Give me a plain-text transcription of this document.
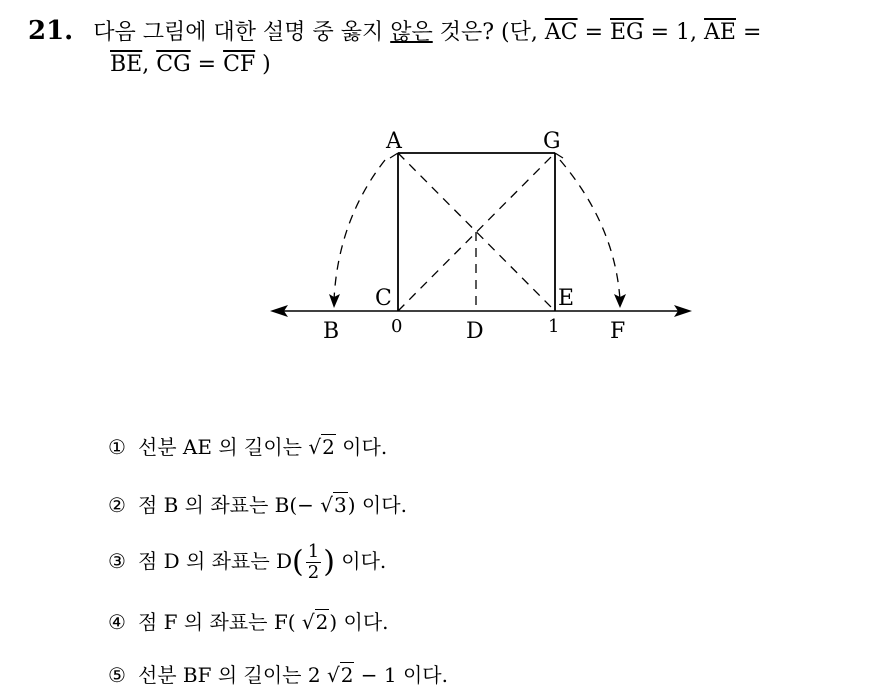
21. 다음 그림에 대한 설명 중 옳지 않은 것은? (단, $\overline{AC} = \overline{EG} = 1$, $\overline{AE}$ =
$\overline{BE}$, $\overline{CG} = \overline{CF}$ )
A	G
C	E
B	D	F
0	1
① 선분 AE 의 길이는 √2 이다.
② 점 B 의 좌표는 B(− √3) 이다.
③ 점 D 의 좌표는 $D( \frac{1}{2}$ ) 이다.
④ 점 F 의 좌표는 F( √2) 이다.
⑤ 선분 BF 의 길이는 2 √2 − 1 이다.
